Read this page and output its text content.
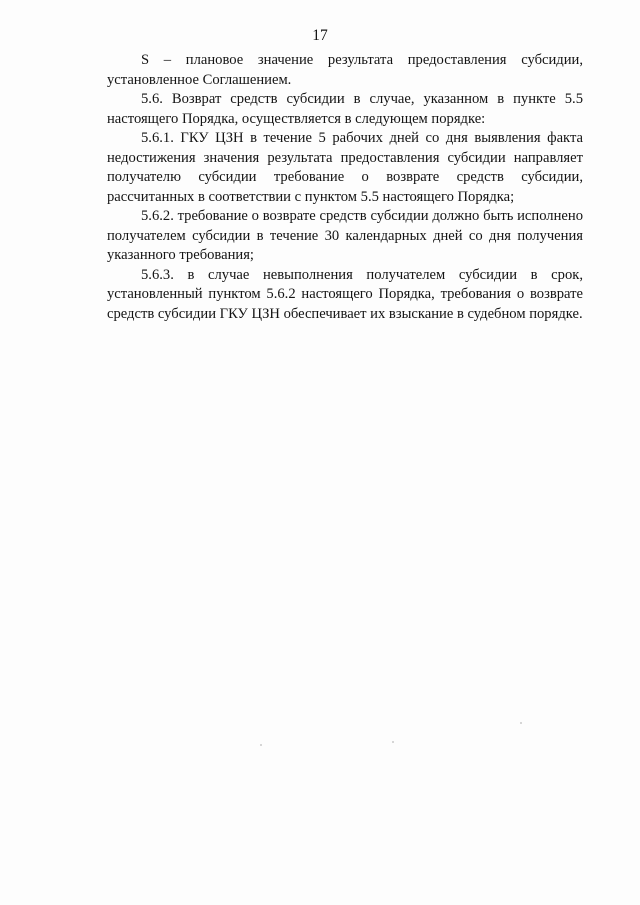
17

S – плановое значение результата предоставления субсидии, установленное Соглашением.

5.6. Возврат средств субсидии в случае, указанном в пункте 5.5 настоящего Порядка, осуществляется в следующем порядке:

5.6.1. ГКУ ЦЗН в течение 5 рабочих дней со дня выявления факта недостижения значения результата предоставления субсидии направляет получателю субсидии требование о возврате средств субсидии, рассчитанных в соответствии с пунктом 5.5 настоящего Порядка;

5.6.2. требование о возврате средств субсидии должно быть исполнено получателем субсидии в течение 30 календарных дней со дня получения указанного требования;

5.6.3. в случае невыполнения получателем субсидии в срок, установленный пунктом 5.6.2 настоящего Порядка, требования о возврате средств субсидии ГКУ ЦЗН обеспечивает их взыскание в судебном порядке.
